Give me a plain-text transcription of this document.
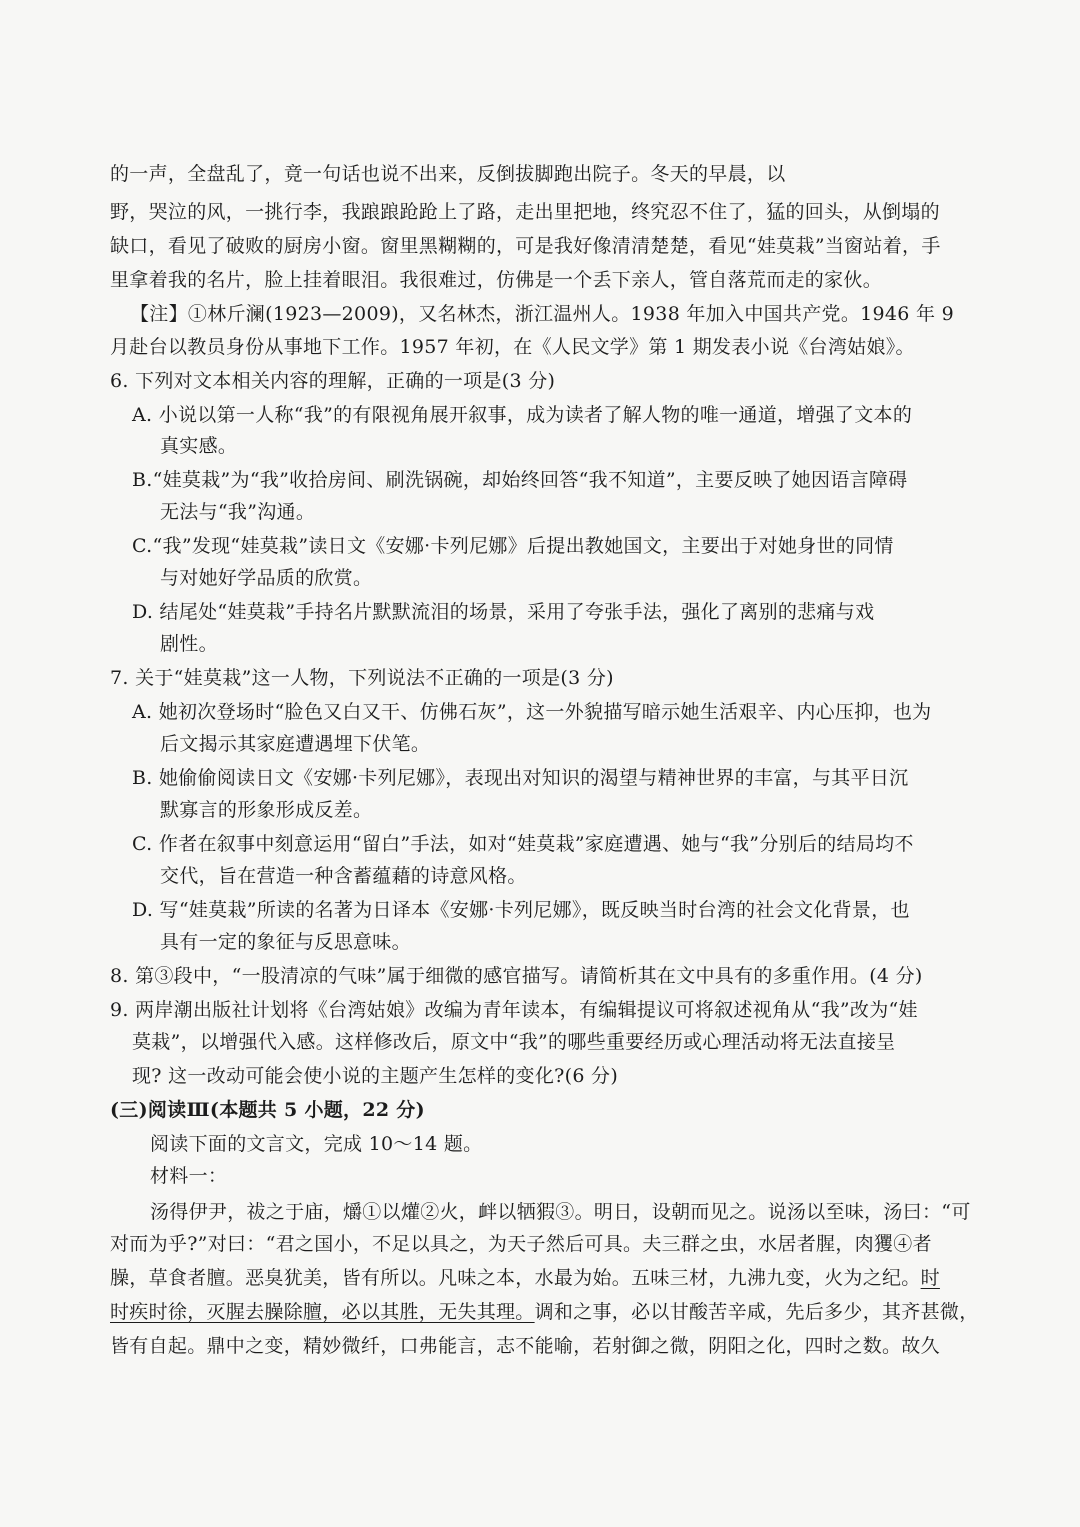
的一声，全盘乱了，竟一句话也说不出来，反倒拔脚跑出院子。冬天的早晨，以
野，哭泣的风，一挑行李，我踉踉跄跄上了路，走出里把地，终究忍不住了，猛的回头，从倒塌的
缺口，看见了破败的厨房小窗。窗里黑糊糊的，可是我好像清清楚楚，看见“娃莫栽”当窗站着，手
里拿着我的名片，脸上挂着眼泪。我很难过，仿佛是一个丢下亲人，管自落荒而走的家伙。
【注】①林斤澜(1923—2009)，又名林杰，浙江温州人。1938 年加入中国共产党。1946 年 9
月赴台以教员身份从事地下工作。1957 年初，在《人民文学》第 1 期发表小说《台湾姑娘》。
6. 下列对文本相关内容的理解，正确的一项是(3 分)
A. 小说以第一人称“我”的有限视角展开叙事，成为读者了解人物的唯一通道，增强了文本的
真实感。
B.“娃莫栽”为“我”收拾房间、刷洗锅碗，却始终回答“我不知道”，主要反映了她因语言障碍
无法与“我”沟通。
C.“我”发现“娃莫栽”读日文《安娜·卡列尼娜》后提出教她国文，主要出于对她身世的同情
与对她好学品质的欣赏。
D. 结尾处“娃莫栽”手持名片默默流泪的场景，采用了夸张手法，强化了离别的悲痛与戏
剧性。
7. 关于“娃莫栽”这一人物，下列说法不正确的一项是(3 分)
A. 她初次登场时“脸色又白又干、仿佛石灰”，这一外貌描写暗示她生活艰辛、内心压抑，也为
后文揭示其家庭遭遇埋下伏笔。
B. 她偷偷阅读日文《安娜·卡列尼娜》，表现出对知识的渴望与精神世界的丰富，与其平日沉
默寡言的形象形成反差。
C. 作者在叙事中刻意运用“留白”手法，如对“娃莫栽”家庭遭遇、她与“我”分别后的结局均不
交代，旨在营造一种含蓄蕴藉的诗意风格。
D. 写“娃莫栽”所读的名著为日译本《安娜·卡列尼娜》，既反映当时台湾的社会文化背景，也
具有一定的象征与反思意味。
8. 第③段中，“一股清凉的气味”属于细微的感官描写。请简析其在文中具有的多重作用。(4 分)
9. 两岸潮出版社计划将《台湾姑娘》改编为青年读本，有编辑提议可将叙述视角从“我”改为“娃
莫栽”，以增强代入感。这样修改后，原文中“我”的哪些重要经历或心理活动将无法直接呈
现? 这一改动可能会使小说的主题产生怎样的变化?(6 分)
(三)阅读Ⅲ(本题共 5 小题，22 分)
阅读下面的文言文，完成 10～14 题。
材料一：
汤得伊尹，祓之于庙，爝①以爟②火，衅以牺猳③。明日，设朝而见之。说汤以至味，汤曰：“可
对而为乎?”对曰：“君之国小，不足以具之，为天子然后可具。夫三群之虫，水居者腥，肉玃④者
臊，草食者膻。恶臭犹美，皆有所以。凡味之本，水最为始。五味三材，九沸九变，火为之纪。时
时疾时徐，灭腥去臊除膻，必以其胜，无失其理。调和之事，必以甘酸苦辛咸，先后多少，其齐甚微，
皆有自起。鼎中之变，精妙微纤，口弗能言，志不能喻，若射御之微，阴阳之化，四时之数。故久
